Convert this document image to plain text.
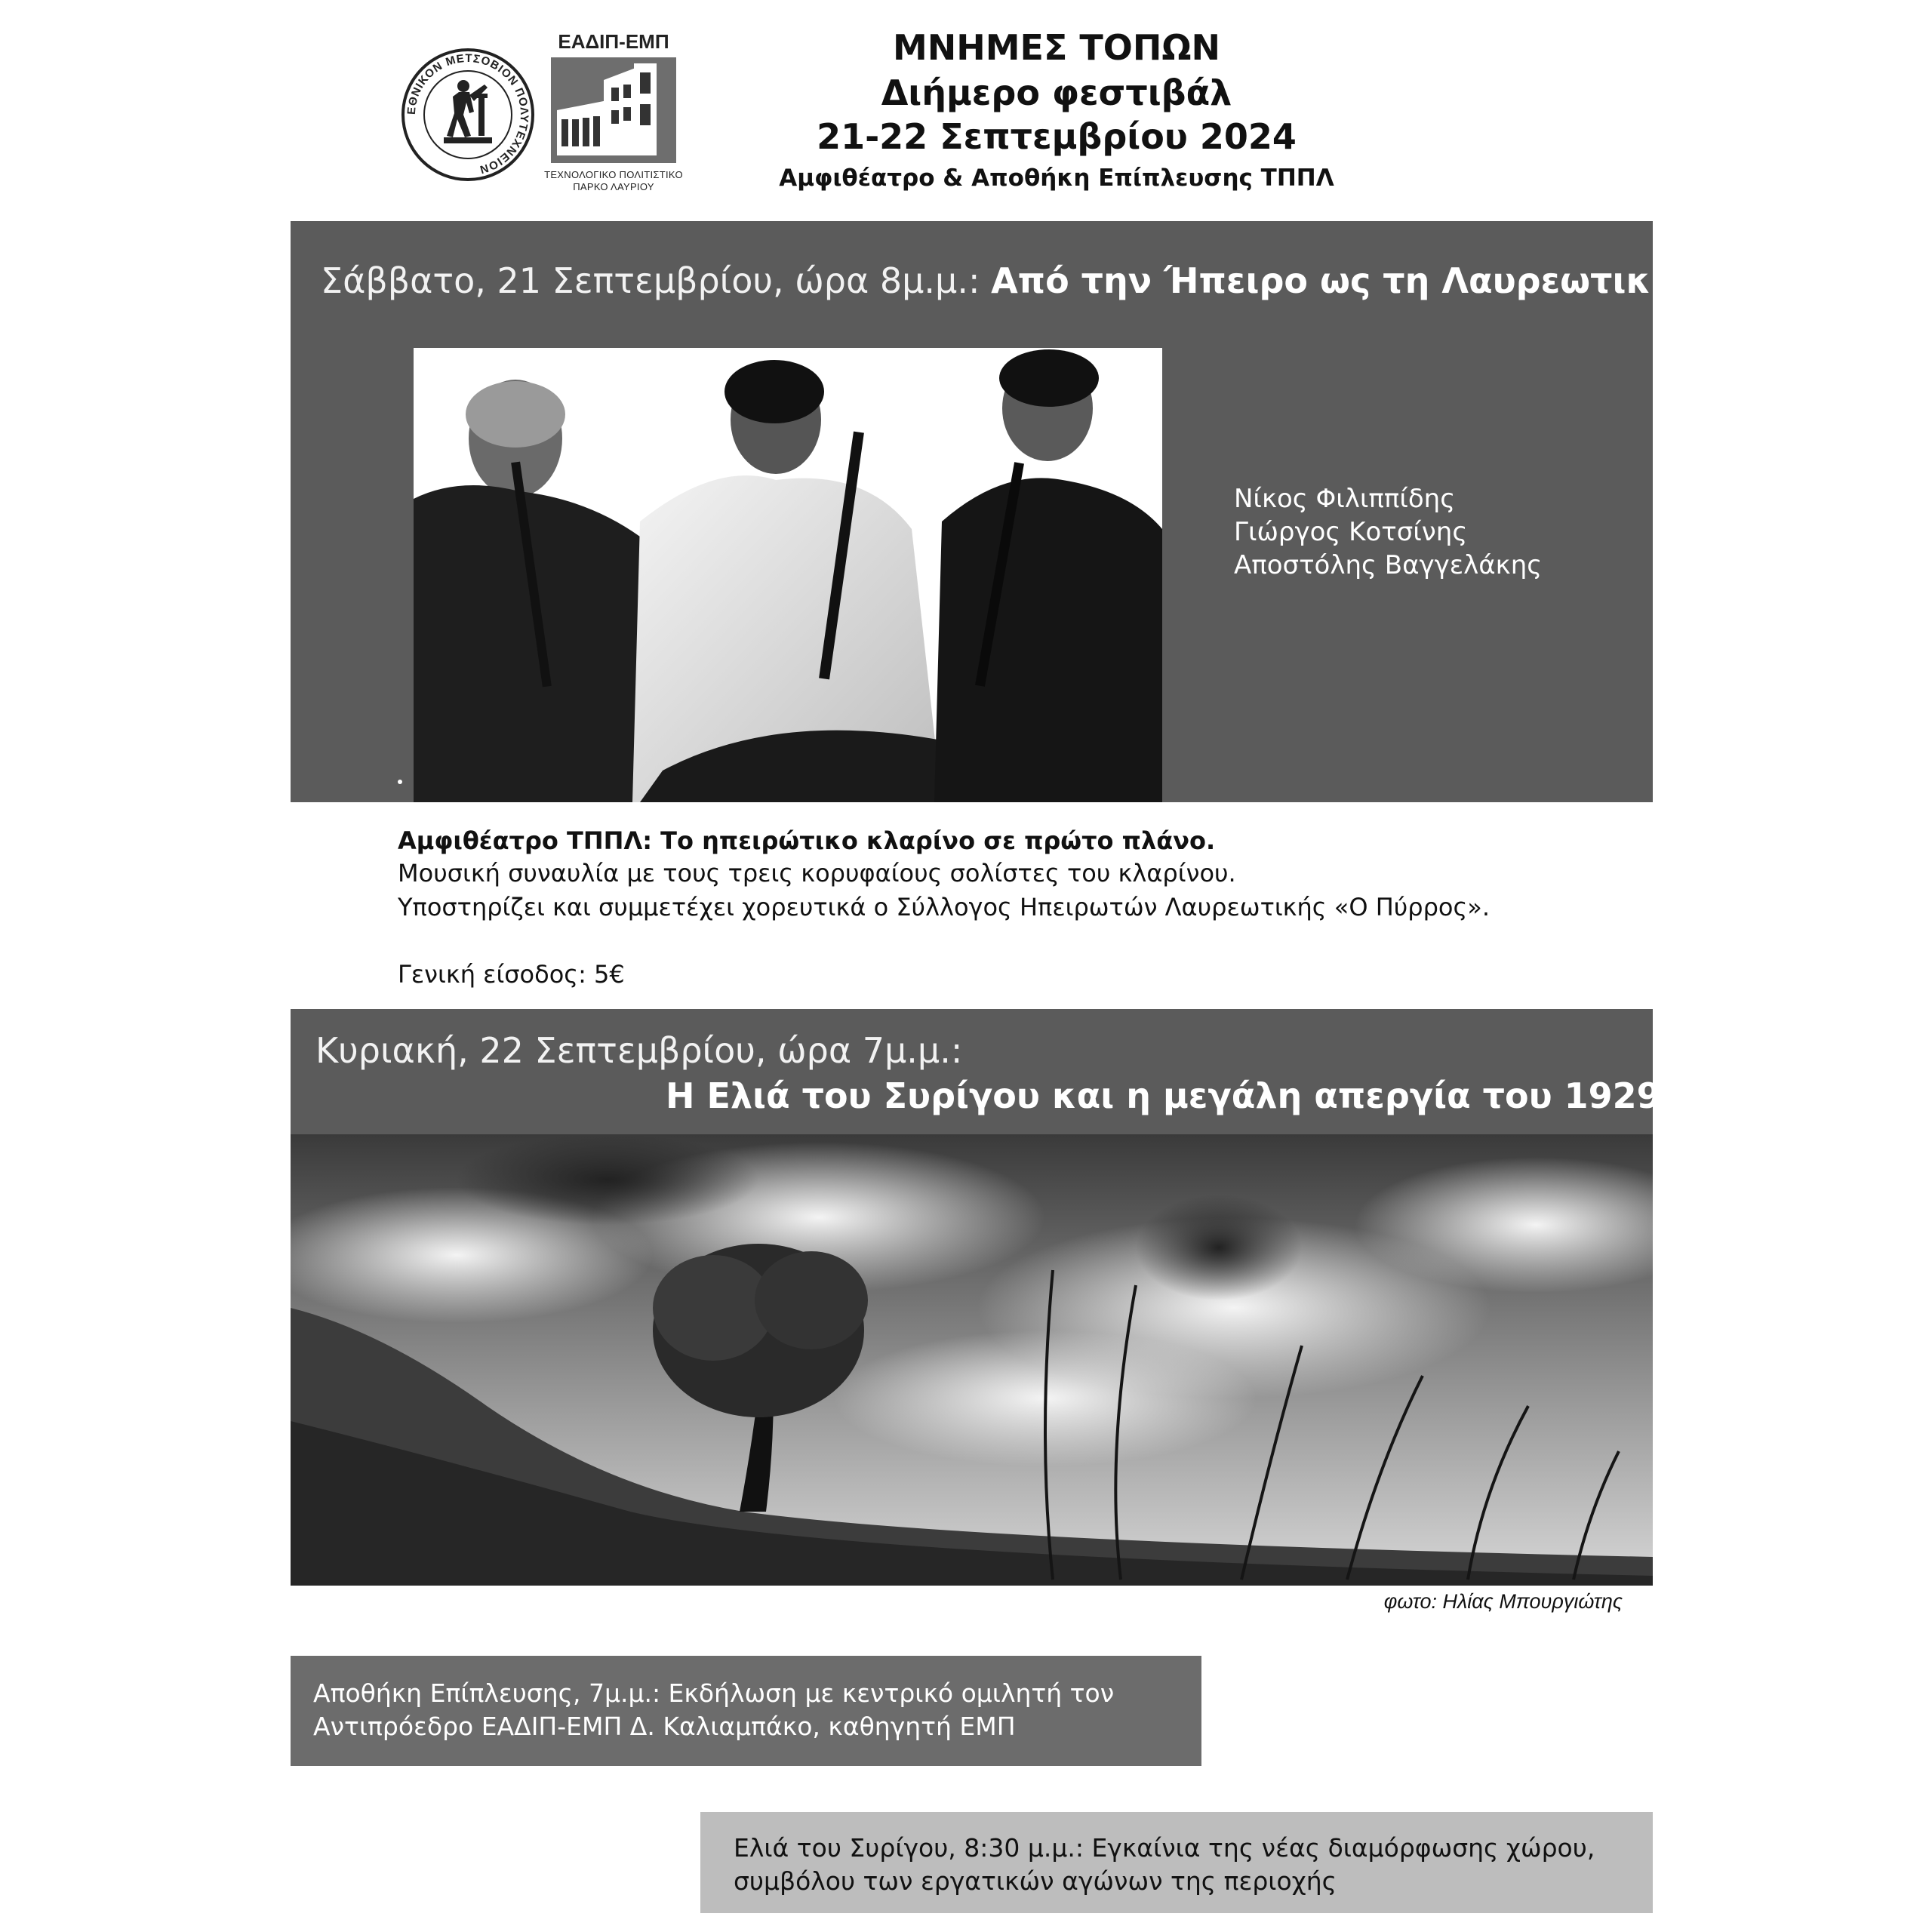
ΕΘΝΙΚΟΝ ΜΕΤΣΟΒΙΟΝ ΠΟΛΥΤΕΧΝΕΙΟΝ
ΕΑΔΙΠ-ΕΜΠ
ΤΕΧΝΟΛΟΓΙΚΟ ΠΟΛΙΤΙΣΤΙΚΟ
ΠΑΡΚΟ ΛΑΥΡΙΟΥ
ΜΝΗΜΕΣ ΤΟΠΩΝ
Διήμερο φεστιβάλ
21-22 Σεπτεμβρίου 2024
Αμφιθέατρο & Αποθήκη Επίπλευσης ΤΠΠΛ
Σάββατο, 21 Σεπτεμβρίου, ώρα 8μ.μ.: Από την Ήπειρο ως τη Λαυρεωτική
Νίκος Φιλιππίδης
Γιώργος Κοτσίνης
Αποστόλης Βαγγελάκης
Αμφιθέατρο ΤΠΠΛ: Το ηπειρώτικο κλαρίνο σε πρώτο πλάνο.
Μουσική συναυλία με τους τρεις κορυφαίους σολίστες του κλαρίνου.
Υποστηρίζει και συμμετέχει χορευτικά ο Σύλλογος Ηπειρωτών Λαυρεωτικής «Ο Πύρρος».
Γενική είσοδος: 5€
Κυριακή, 22 Σεπτεμβρίου, ώρα 7μ.μ.:
Η Ελιά του Συρίγου και η μεγάλη απεργία του 1929
φωτο: Ηλίας Μπουργιώτης
Αποθήκη Επίπλευσης, 7μ.μ.: Εκδήλωση με κεντρικό ομιλητή τον
Αντιπρόεδρο ΕΑΔΙΠ-ΕΜΠ Δ. Καλιαμπάκο, καθηγητή ΕΜΠ
Ελιά του Συρίγου, 8:30 μ.μ.: Εγκαίνια της νέας διαμόρφωσης χώρου,
συμβόλου των εργατικών αγώνων της περιοχής
